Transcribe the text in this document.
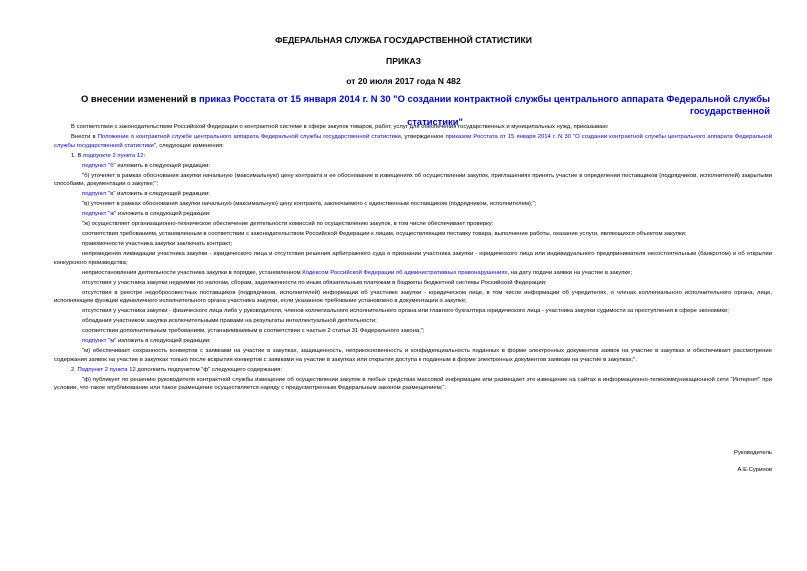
ФЕДЕРАЛЬНАЯ СЛУЖБА ГОСУДАРСТВЕННОЙ СТАТИСТИКИ
ПРИКАЗ
от 20 июля 2017 года N 482
О внесении изменений в приказ Росстата от 15 января 2014 г. N 30 "О создании контрактной службы центрального аппарата Федеральной службы государственной
статистики"

В соответствии с законодательством Российской Федерации о контрактной системе в сфере закупок товаров, работ, услуг для обеспечения государственных и муниципальных нужд, приказываю:

Внести в Положение о контрактной службе центрального аппарата Федеральной службы государственной статистики, утвержденное приказом Росстата от 15 января 2014 г. N 30 "О создании контрактной службы центрального аппарата Федеральной службы государственной статистики", следующие изменения:

1. В подпункте 2 пункта 12:

подпункт "б" изложить в следующей редакции:

"б) уточняет в рамках обоснования закупки начальную (максимальную) цену контракта и ее обоснование в извещениях об осуществлении закупок, приглашениях принять участие в определении поставщиков (подрядчиков, исполнителей) закрытыми способами, документации о закупке;";

подпункт "в" изложить в следующей редакции:

"в) уточняет в рамках обоснования закупки начальную (максимальную) цену контракта, заключаемого с единственным поставщиком (подрядчиком, исполнителем);";

подпункт "ж" изложить в следующей редакции:

"ж) осуществляет организационно-техническое обеспечение деятельности комиссий по осуществлению закупок, в том числе обеспечивает проверку:

соответствия требованиям, установленным в соответствии с законодательством Российской Федерации к лицам, осуществляющим поставку товара, выполнение работы, оказание услуги, являющихся объектом закупки;

правомочности участника закупки заключать контракт;

непроведения ликвидации участника закупки - юридического лица и отсутствия решения арбитражного суда о признании участника закупки - юридического лица или индивидуального предпринимателя несостоятельным (банкротом) и об открытии конкурсного производства;

неприостановления деятельности участника закупки в порядке, установленном Кодексом Российской Федерации об административных правонарушениях, на дату подачи заявки на участие в закупке;

отсутствия у участника закупки недоимки по налогам, сборам, задолженности по иным обязательным платежам в бюджеты бюджетной системы Российской Федерации;

отсутствия в реестре недобросовестных поставщиков (подрядчиков, исполнителей) информации об участнике закупки - юридическом лице, в том числе информации об учредителях, о членах коллегиального исполнительного органа, лице, исполняющем функции единоличного исполнительного органа участника закупки, если указанное требование установлено в документации о закупке;

отсутствия у участника закупки - физического лица либо у руководителя, членов коллегиального исполнительного органа или главного бухгалтера юридического лица - участника закупки судимости за преступления в сфере экономики;

обладания участником закупки исключительными правами на результаты интеллектуальной деятельности;

соответствия дополнительным требованиям, устанавливаемым в соответствии с частью 2 статьи 31 Федерального закона;";

подпункт "м" изложить в следующей редакции:

"м) обеспечивает сохранность конвертов с заявками на участие в закупках, защищенность, неприкосновенность и конфиденциальность поданных в форме электронных документов заявок на участие в закупках и обеспечивает рассмотрение содержания заявок на участие в закупках только после вскрытия конвертов с заявками на участие в закупках или открытия доступа к поданным в форме электронных документов заявкам на участие в закупках;".

2. Подпункт 2 пункта 12 дополнить подпунктом "ф" следующего содержания:

"ф) публикует по решению руководителя контрактной службы извещение об осуществлении закупок в любых средствах массовой информации или размещает это извещение на сайтах в информационно-телекоммуникационной сети "Интернет" при условии, что такое опубликование или такое размещение осуществляется наряду с предусмотренным Федеральным законом размещением;".

Руководитель
А.Е.Суринов
